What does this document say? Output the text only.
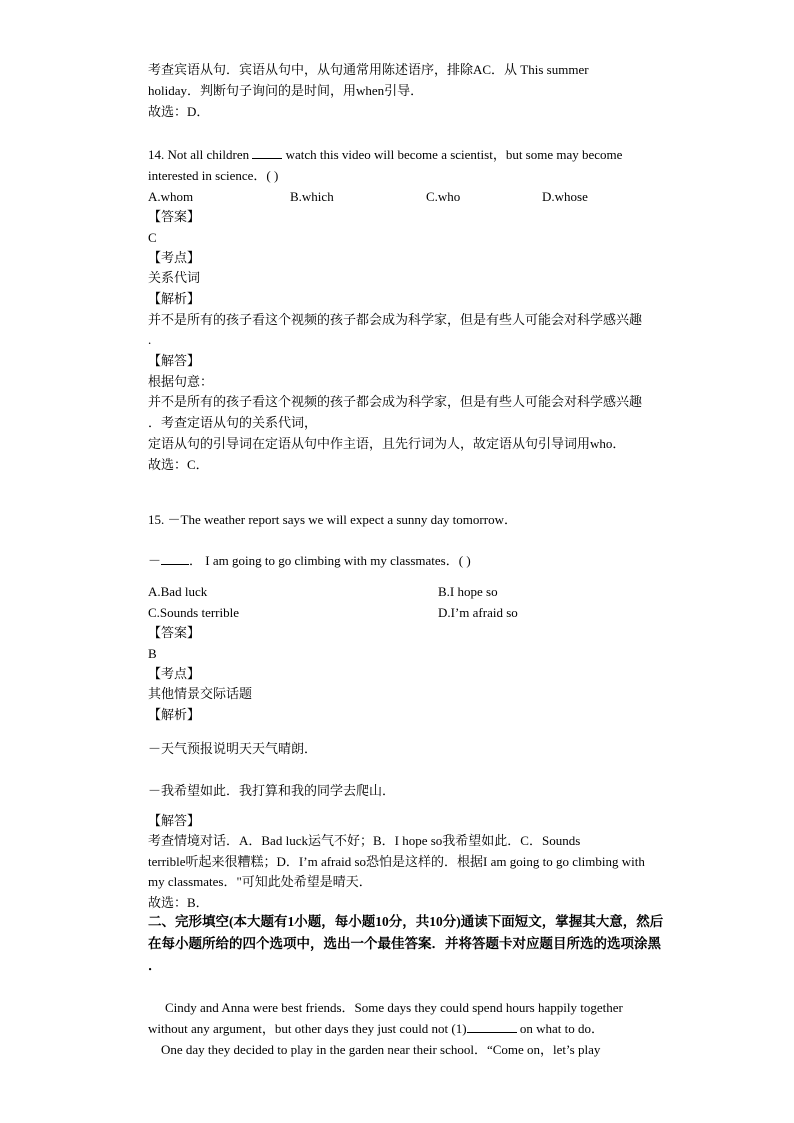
考查宾语从句．宾语从句中，从句通常用陈述语序，排除AC．从 This summer
holiday．判断句子询问的是时间，用when引导．
故选：D．
14. Not all children	watch this video will become a scientist，but some may become
interested in science．( )
A.whom	B.which	C.who	D.whose
【答案】
C
【考点】
关系代词
【解析】
并不是所有的孩子看这个视频的孩子都会成为科学家，但是有些人可能会对科学感兴趣
.
【解答】
根据句意：
并不是所有的孩子看这个视频的孩子都会成为科学家，但是有些人可能会对科学感兴趣
．考查定语从句的关系代词，
定语从句的引导词在定语从句中作主语，且先行词为人，故定语从句引导词用who．
故选：C．
15. －The weather report says we will expect a sunny day tomorrow．
－ ． I am going to go climbing with my classmates．( )
A.Bad luck	B.I hope so
C.Sounds terrible	D.I’m afraid so
【答案】
B
【考点】
其他情景交际话题
【解析】
－天气预报说明天天气晴朗．
－我希望如此．我打算和我的同学去爬山．
【解答】
考查情境对话．A．Bad luck运气不好；B．I hope so我希望如此．C．Sounds
terrible听起来很糟糕；D．I’m afraid so恐怕是这样的．根据I am going to go climbing with
my classmates．"可知此处希望是晴天．
故选：B．
二、完形填空(本大题有1小题，每小题10分，共10分)通读下面短文，掌握其大意，然后
在每小题所给的四个选项中，选出一个最佳答案．并将答题卡对应题目所选的选项涂黑
．
Cindy and Anna were best friends．Some days they could spend hours happily together
without any argument，but other days they just could not (1)	on what to do．
One day they decided to play in the garden near their school．“Come on，let’s play
